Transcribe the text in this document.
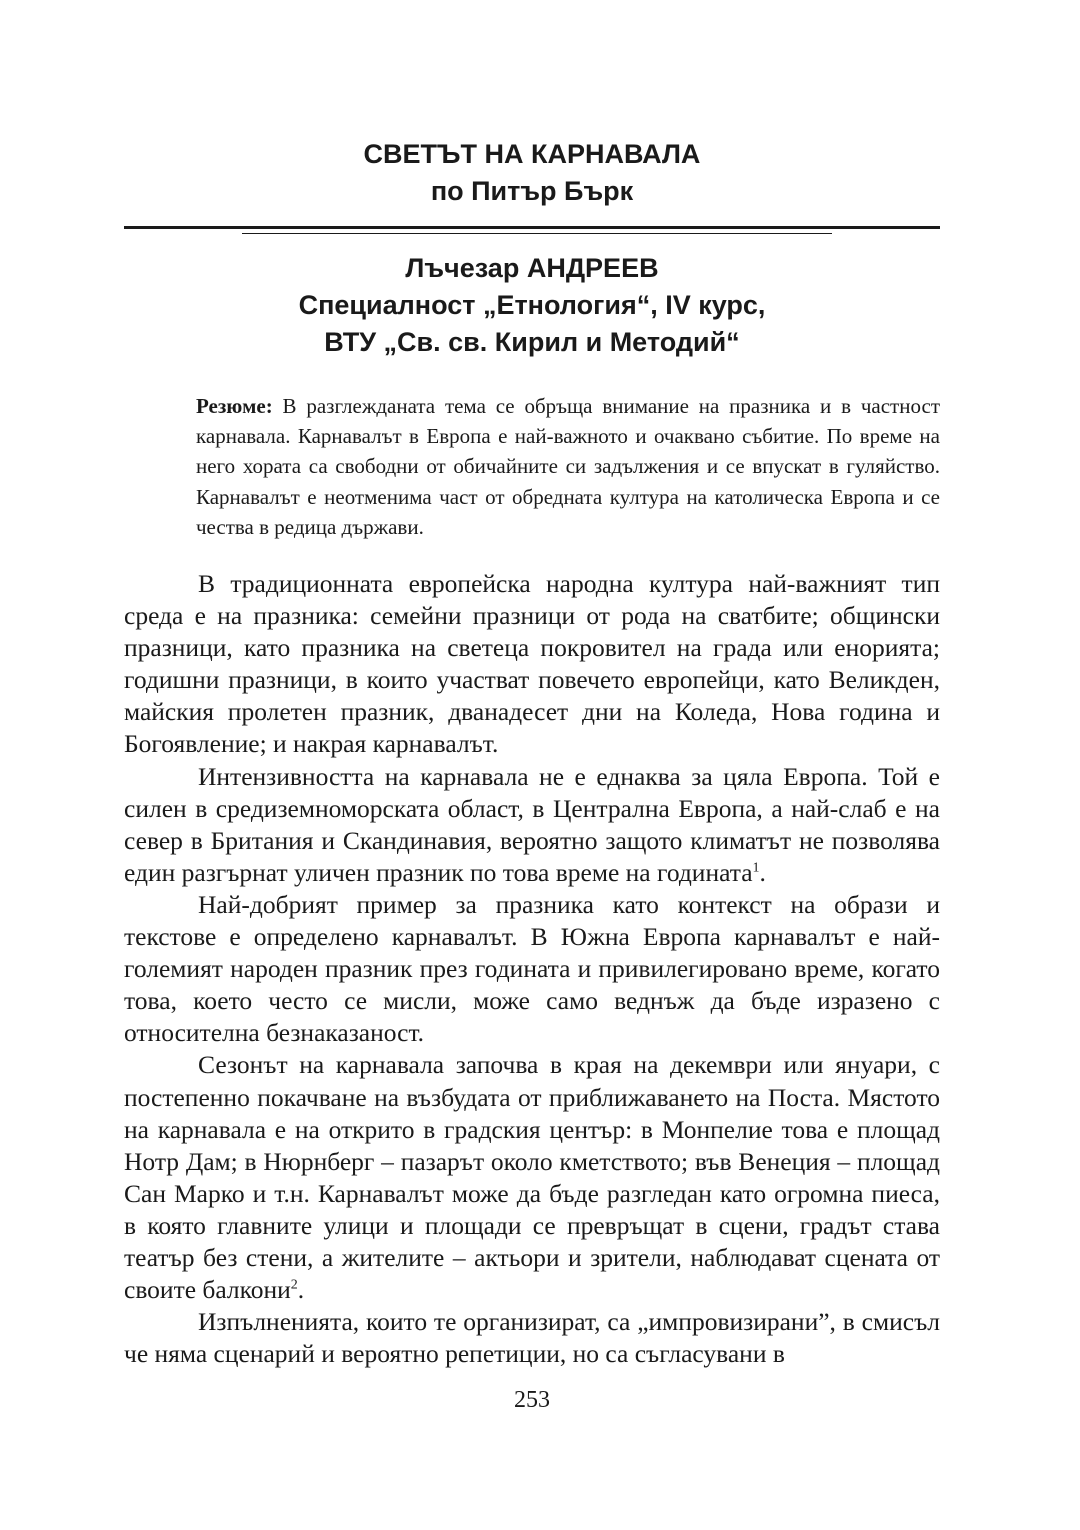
СВЕТЪТ НА КАРНАВАЛА
по Питър Бърк
Лъчезар АНДРЕЕВ
Специалност „Етнология“, IV курс,
ВТУ „Св. св. Кирил и Методий“
Резюме: В разглежданата тема се обръща внимание на празника и в частност карнавала. Карнавалът в Европа е най-важното и очаквано събитие. По време на него хората са свободни от обичайните си задължения и се впускат в гуляйство. Карнавалът е неотменима част от обредната култура на католическа Европа и се чества в редица държави.

В традиционната европейска народна култура най-важният тип среда е на празника: семейни празници от рода на сватбите; общински празници, като празника на светеца покровител на града или енорията; годишни празници, в които участват повечето европейци, като Великден, майския пролетен празник, дванадесет дни на Коледа, Нова година и Богоявление; и накрая карнавалът.

Интензивността на карнавала не е еднаква за цяла Европа. Той е силен в средиземноморската област, в Централна Европа, а най-слаб е на север в Британия и Скандинавия, вероятно защото климатът не позволява един разгърнат уличен празник по това време на годината$^1$.

Най-добрият пример за празника като контекст на образи и текстове е определено карнавалът. В Южна Европа карнавалът е най-големият народен празник през годината и привилегировано време, когато това, което често се мисли, може само веднъж да бъде изразено с относителна безнаказаност.

Сезонът на карнавала започва в края на декември или януари, с постепенно покачване на възбудата от приближаването на Поста. Мястото на карнавала е на открито в градския център: в Монпелие това е площад Нотр Дам; в Нюрнберг – пазарът около кметството; във Венеция – площад Сан Марко и т.н. Карнавалът може да бъде разгледан като огромна пиеса, в която главните улици и площади се превръщат в сцени, градът става театър без стени, а жителите – актьори и зрители, наблюдават сцената от своите балкони$^2$.

Изпълненията, които те организират, са „импровизирани”, в смисъл че няма сценарий и вероятно репетиции, но са съгласувани в

253
